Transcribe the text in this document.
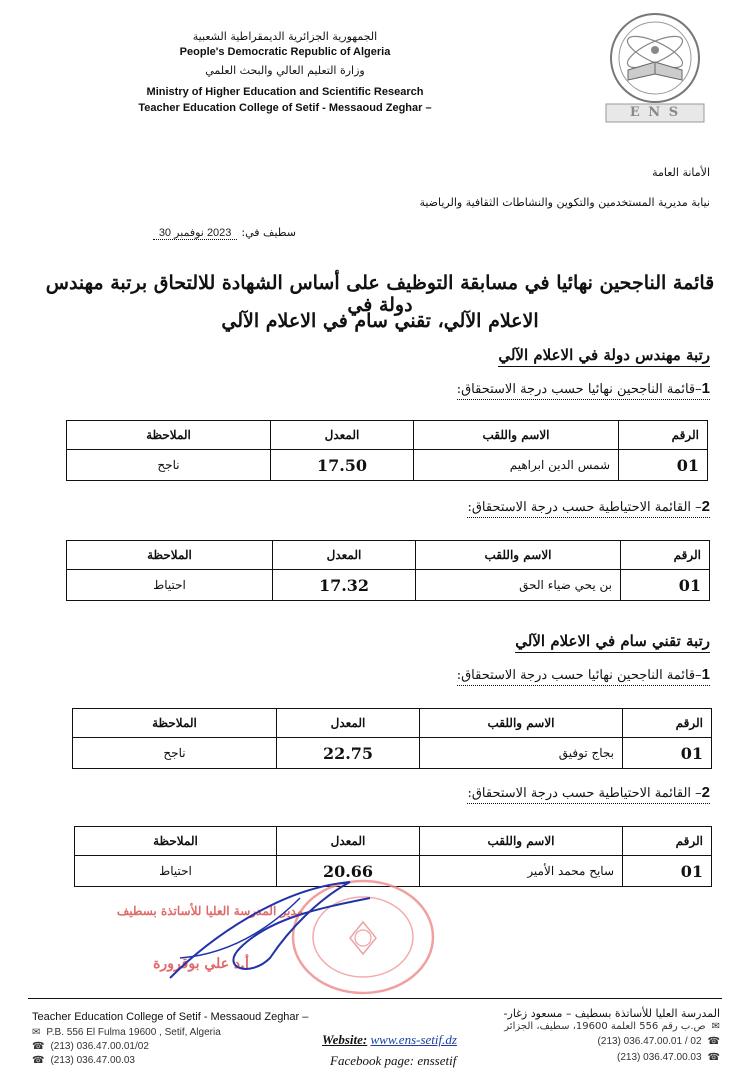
الجمهورية الجزائرية الديمقراطية الشعبية
People's Democratic Republic of Algeria
وزارة التعليم العالي والبحث العلمي
Ministry of Higher Education and Scientific Research
Teacher Education College of Setif - Messaoud Zeghar –	E N S
الأمانة العامة
نيابة مديرية المستخدمين والتكوين والنشاطات الثقافية والرياضية
سطيف في:
2023 نوفمبر 30
قائمة الناجحين نهائيا في مسابقة التوظيف على أساس الشهادة للالتحاق برتبة مهندس دولة في
الاعلام الآلي، تقني سام في الاعلام الآلي
رتبة مهندس دولة في الاعلام الآلي
1–قائمة الناجحين نهائيا حسب درجة الاستحقاق:
الرقم	الاسم واللقب	المعدل	الملاحظة
01	شمس الدين ابراهيم	17.50	ناجح
2– القائمة الاحتياطية حسب درجة الاستحقاق:
الرقم	الاسم واللقب	المعدل	الملاحظة
01	بن يحي ضياء الحق	17.32	احتياط
رتبة تقني سام في الاعلام الآلي
1–قائمة الناجحين نهائيا حسب درجة الاستحقاق:
الرقم	الاسم واللقب	المعدل	الملاحظة
01	بجاج توفيق	22.75	ناجح
2– القائمة الاحتياطية حسب درجة الاستحقاق:
الرقم	الاسم واللقب	المعدل	الملاحظة
01	سايح محمد الأمير	20.66	احتياط
مدير المدرسة العليا للأساتذة بسطيف
أ.د علي بوقرورة
Teacher Education College of Setif - Messaoud Zeghar –
✉ P.B. 556 El Fulma 19600 , Setif, Algeria
☎ (213) 036.47.00.01/02
☎ (213) 036.47.00.03
Website: www.ens-setif.dz
Facebook page: enssetif
المدرسة العليا للأساتذة بسطيف – مسعود زغار-
✉
ص.ب رقم 556 العلمة 19600، سطيف، الجزائر
(213) 036.47.00.01 / 02 ☎
(213) 036.47.00.03 ☎
